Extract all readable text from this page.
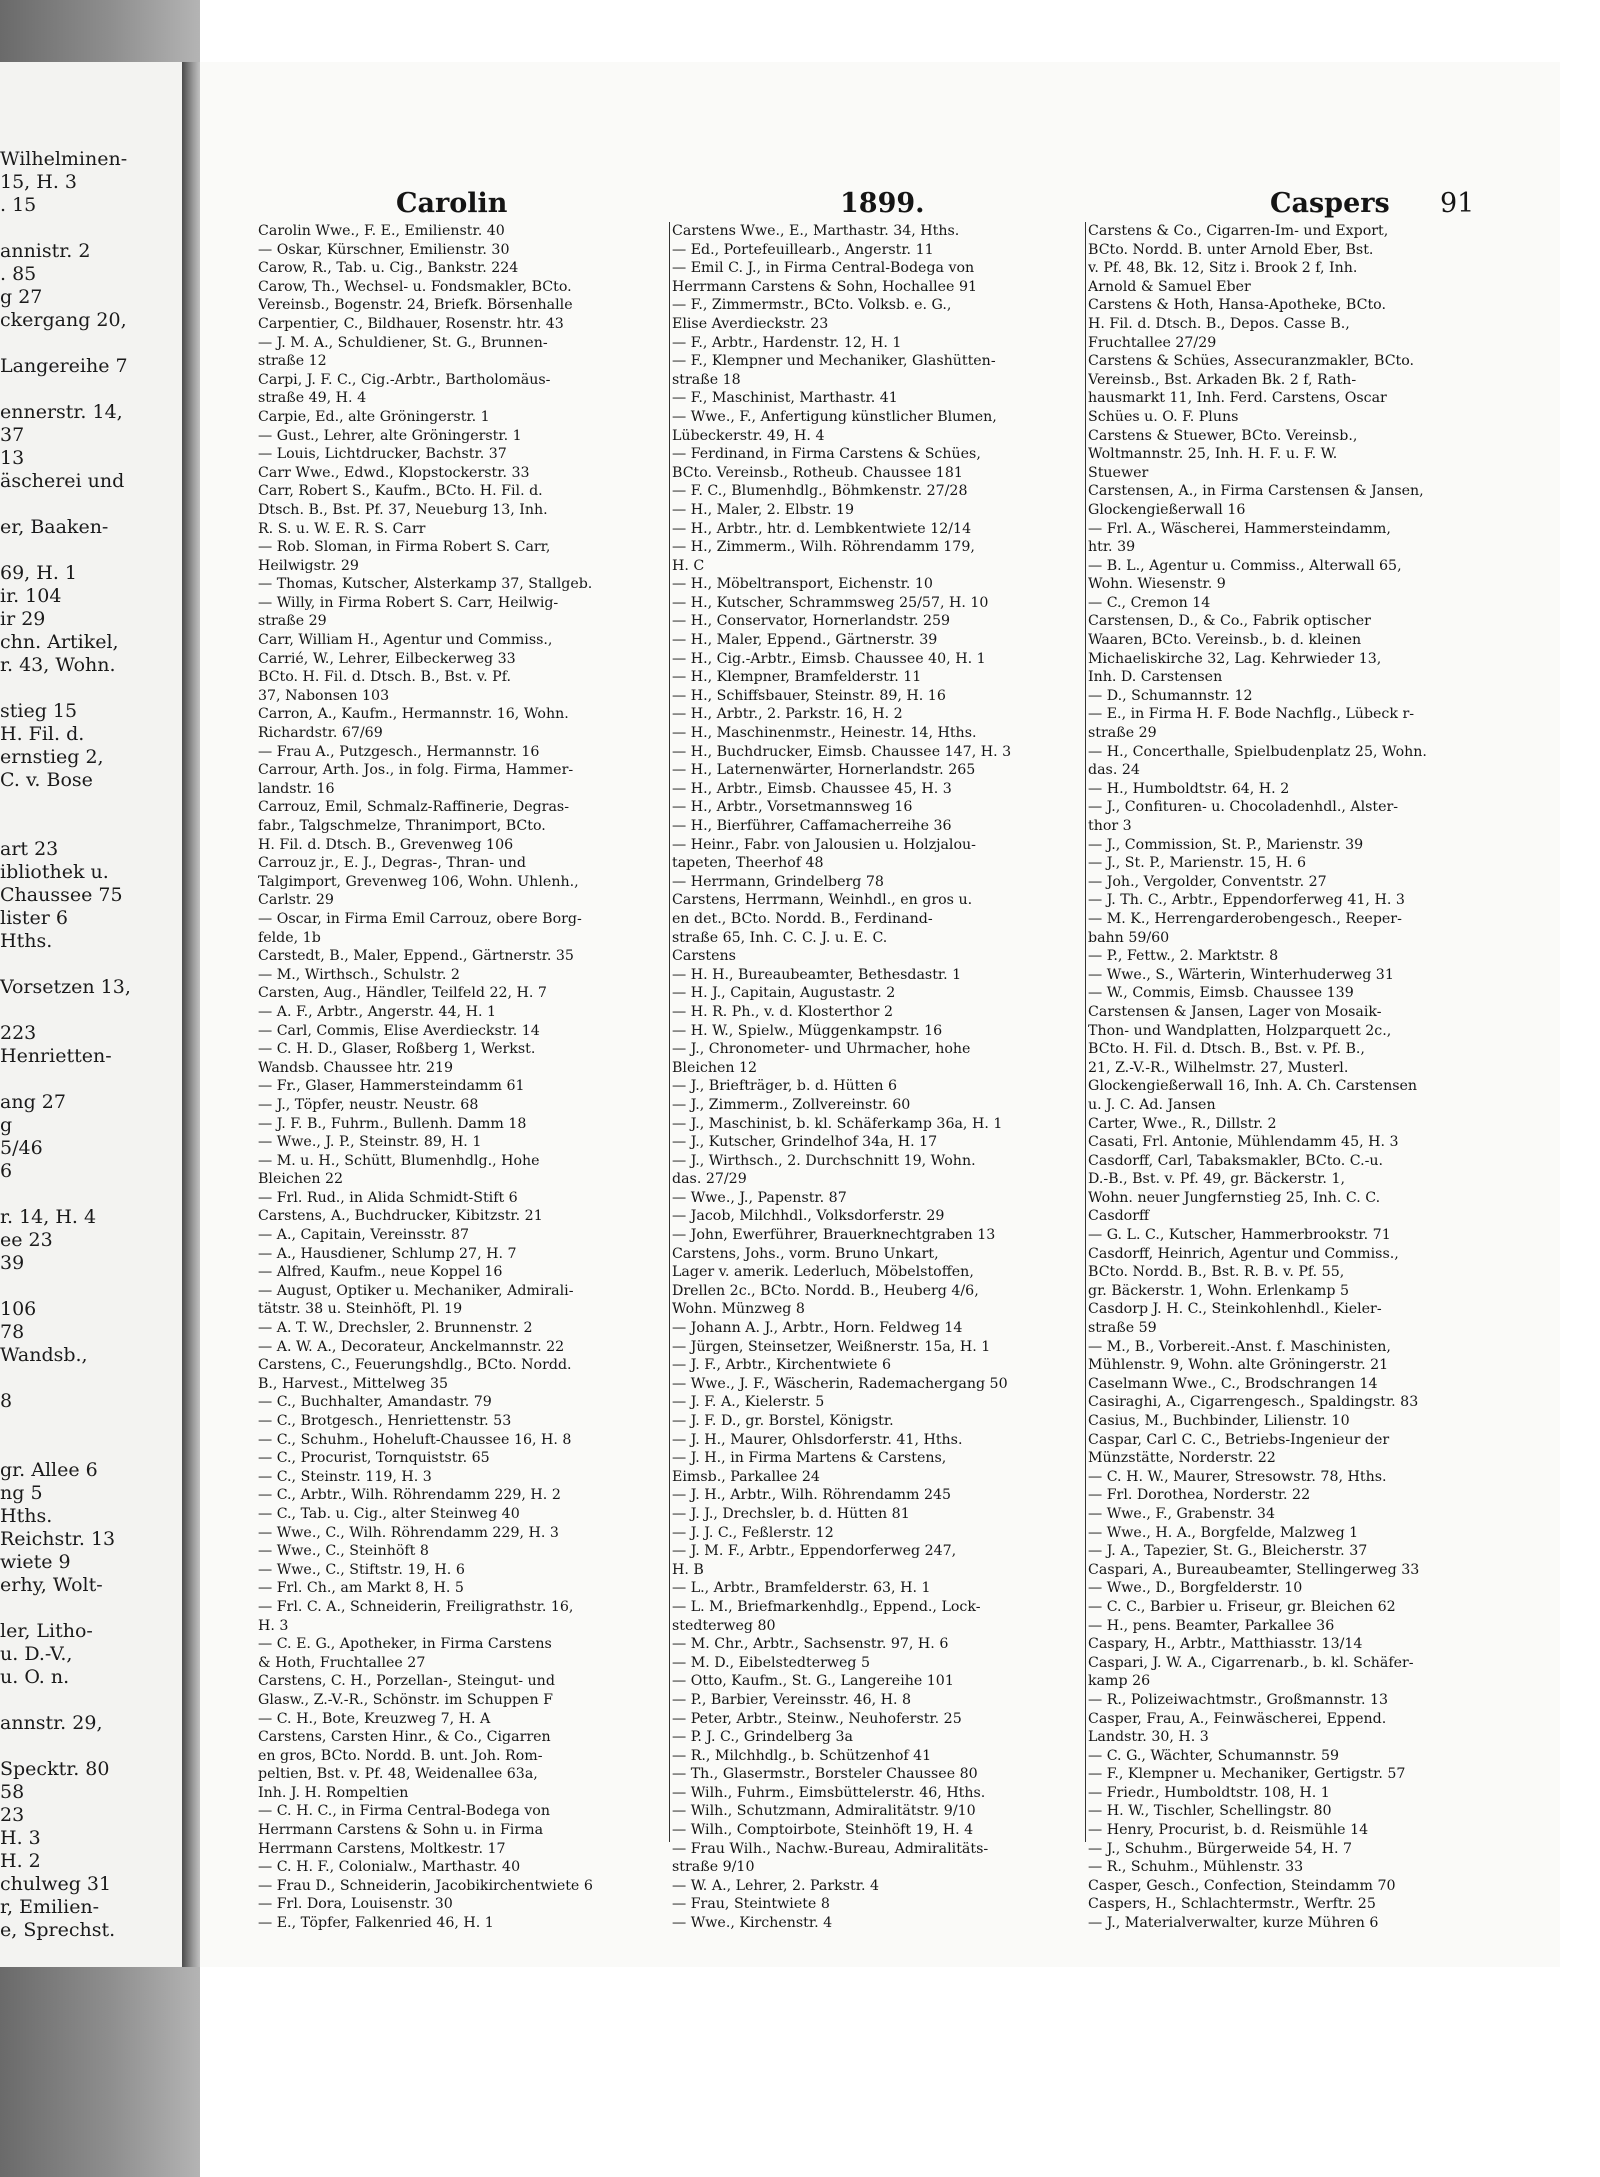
Wilhelminen-
15, H. 3
. 15
annistr. 2
. 85
g 27
ckergang 20,
Langereihe 7
ennerstr. 14,
37
13
äscherei und
er, Baaken-
69, H. 1
ir. 104
ir 29
chn. Artikel,
r. 43, Wohn.
stieg 15
H. Fil. d.
ernstieg 2,
C. v. Bose
art 23
ibliothek u.
Chaussee 75
lister 6
Hths.
Vorsetzen 13,
223
Henrietten-
ang 27
g
5/46
6
r. 14, H. 4
ee 23
39
106
78
Wandsb.,
8
gr. Allee 6
ng 5
Hths.
Reichstr. 13
wiete 9
erhy, Wolt-
ler, Litho-
u. D.-V.,
u. O. n.
annstr. 29,
Specktr. 80
58
23
H. 3
H. 2
chulweg 31
r, Emilien-
e, Sprechst.
Carolin	1899.	Caspers 91
Carolin Wwe., F. E., Emilienstr. 40
— Oskar, Kürschner, Emilienstr. 30
Carow, R., Tab. u. Cig., Bankstr. 224
Carow, Th., Wechsel- u. Fondsmakler, BCto.
Vereinsb., Bogenstr. 24, Briefk. Börsenhalle
Carpentier, C., Bildhauer, Rosenstr. htr. 43
— J. M. A., Schuldiener, St. G., Brunnen-
straße 12
Carpi, J. F. C., Cig.-Arbtr., Bartholomäus-
straße 49, H. 4
Carpie, Ed., alte Gröningerstr. 1
— Gust., Lehrer, alte Gröningerstr. 1
— Louis, Lichtdrucker, Bachstr. 37
Carr Wwe., Edwd., Klopstockerstr. 33
Carr, Robert S., Kaufm., BCto. H. Fil. d.
Dtsch. B., Bst. Pf. 37, Neueburg 13, Inh.
R. S. u. W. E. R. S. Carr
— Rob. Sloman, in Firma Robert S. Carr,
Heilwigstr. 29
— Thomas, Kutscher, Alsterkamp 37, Stallgeb.
— Willy, in Firma Robert S. Carr, Heilwig-
straße 29
Carr, William H., Agentur und Commiss.,
Carrié, W., Lehrer, Eilbeckerweg 33
BCto. H. Fil. d. Dtsch. B., Bst. v. Pf.
37, Nabonsen 103
Carron, A., Kaufm., Hermannstr. 16, Wohn.
Richardstr. 67/69
— Frau A., Putzgesch., Hermannstr. 16
Carrour, Arth. Jos., in folg. Firma, Hammer-
landstr. 16
Carrouz, Emil, Schmalz-Raffinerie, Degras-
fabr., Talgschmelze, Thranimport, BCto.
H. Fil. d. Dtsch. B., Grevenweg 106
Carrouz jr., E. J., Degras-, Thran- und
Talgimport, Grevenweg 106, Wohn. Uhlenh.,
Carlstr. 29
— Oscar, in Firma Emil Carrouz, obere Borg-
felde, 1b
Carstedt, B., Maler, Eppend., Gärtnerstr. 35
— M., Wirthsch., Schulstr. 2
Carsten, Aug., Händler, Teilfeld 22, H. 7
— A. F., Arbtr., Angerstr. 44, H. 1
— Carl, Commis, Elise Averdieckstr. 14
— C. H. D., Glaser, Roßberg 1, Werkst.
Wandsb. Chaussee htr. 219
— Fr., Glaser, Hammersteindamm 61
— J., Töpfer, neustr. Neustr. 68
— J. F. B., Fuhrm., Bullenh. Damm 18
— Wwe., J. P., Steinstr. 89, H. 1
— M. u. H., Schütt, Blumenhdlg., Hohe
Bleichen 22
— Frl. Rud., in Alida Schmidt-Stift 6
Carstens, A., Buchdrucker, Kibitzstr. 21
— A., Capitain, Vereinsstr. 87
— A., Hausdiener, Schlump 27, H. 7
— Alfred, Kaufm., neue Koppel 16
— August, Optiker u. Mechaniker, Admirali-
tätstr. 38 u. Steinhöft, Pl. 19
— A. T. W., Drechsler, 2. Brunnenstr. 2
— A. W. A., Decorateur, Anckelmannstr. 22
Carstens, C., Feuerungshdlg., BCto. Nordd.
B., Harvest., Mittelweg 35
— C., Buchhalter, Amandastr. 79
— C., Brotgesch., Henriettenstr. 53
— C., Schuhm., Hoheluft-Chaussee 16, H. 8
— C., Procurist, Tornquiststr. 65
— C., Steinstr. 119, H. 3
— C., Arbtr., Wilh. Röhrendamm 229, H. 2
— C., Tab. u. Cig., alter Steinweg 40
— Wwe., C., Wilh. Röhrendamm 229, H. 3
— Wwe., C., Steinhöft 8
— Wwe., C., Stiftstr. 19, H. 6
— Frl. Ch., am Markt 8, H. 5
— Frl. C. A., Schneiderin, Freiligrathstr. 16,
H. 3
— C. E. G., Apotheker, in Firma Carstens
& Hoth, Fruchtallee 27
Carstens, C. H., Porzellan-, Steingut- und
Glasw., Z.-V.-R., Schönstr. im Schuppen F
— C. H., Bote, Kreuzweg 7, H. A
Carstens, Carsten Hinr., & Co., Cigarren
en gros, BCto. Nordd. B. unt. Joh. Rom-
peltien, Bst. v. Pf. 48, Weidenallee 63a,
Inh. J. H. Rompeltien
— C. H. C., in Firma Central-Bodega von
Herrmann Carstens & Sohn u. in Firma
Herrmann Carstens, Moltkestr. 17
— C. H. F., Colonialw., Marthastr. 40
— Frau D., Schneiderin, Jacobikirchentwiete 6
— Frl. Dora, Louisenstr. 30
— E., Töpfer, Falkenried 46, H. 1
Carstens Wwe., E., Marthastr. 34, Hths.
— Ed., Portefeuillearb., Angerstr. 11
— Emil C. J., in Firma Central-Bodega von
Herrmann Carstens & Sohn, Hochallee 91
— F., Zimmermstr., BCto. Volksb. e. G.,
Elise Averdieckstr. 23
— F., Arbtr., Hardenstr. 12, H. 1
— F., Klempner und Mechaniker, Glashütten-
straße 18
— F., Maschinist, Marthastr. 41
— Wwe., F., Anfertigung künstlicher Blumen,
Lübeckerstr. 49, H. 4
— Ferdinand, in Firma Carstens & Schües,
BCto. Vereinsb., Rotheub. Chaussee 181
— F. C., Blumenhdlg., Böhmkenstr. 27/28
— H., Maler, 2. Elbstr. 19
— H., Arbtr., htr. d. Lembkentwiete 12/14
— H., Zimmerm., Wilh. Röhrendamm 179,
H. C
— H., Möbeltransport, Eichenstr. 10
— H., Kutscher, Schrammsweg 25/57, H. 10
— H., Conservator, Hornerlandstr. 259
— H., Maler, Eppend., Gärtnerstr. 39
— H., Cig.-Arbtr., Eimsb. Chaussee 40, H. 1
— H., Klempner, Bramfelderstr. 11
— H., Schiffsbauer, Steinstr. 89, H. 16
— H., Arbtr., 2. Parkstr. 16, H. 2
— H., Maschinenmstr., Heinestr. 14, Hths.
— H., Buchdrucker, Eimsb. Chaussee 147, H. 3
— H., Laternenwärter, Hornerlandstr. 265
— H., Arbtr., Eimsb. Chaussee 45, H. 3
— H., Arbtr., Vorsetmannsweg 16
— H., Bierführer, Caffamacherreihe 36
— Heinr., Fabr. von Jalousien u. Holzjalou-
tapeten, Theerhof 48
— Herrmann, Grindelberg 78
Carstens, Herrmann, Weinhdl., en gros u.
en det., BCto. Nordd. B., Ferdinand-
straße 65, Inh. C. C. J. u. E. C.
Carstens
— H. H., Bureaubeamter, Bethesdastr. 1
— H. J., Capitain, Augustastr. 2
— H. R. Ph., v. d. Klosterthor 2
— H. W., Spielw., Müggenkampstr. 16
— J., Chronometer- und Uhrmacher, hohe
Bleichen 12
— J., Briefträger, b. d. Hütten 6
— J., Zimmerm., Zollvereinstr. 60
— J., Maschinist, b. kl. Schäferkamp 36a, H. 1
— J., Kutscher, Grindelhof 34a, H. 17
— J., Wirthsch., 2. Durchschnitt 19, Wohn.
das. 27/29
— Wwe., J., Papenstr. 87
— Jacob, Milchhdl., Volksdorferstr. 29
— John, Ewerführer, Brauerknechtgraben 13
Carstens, Johs., vorm. Bruno Unkart,
Lager v. amerik. Lederluch, Möbelstoffen,
Drellen 2c., BCto. Nordd. B., Heuberg 4/6,
Wohn. Münzweg 8
— Johann A. J., Arbtr., Horn. Feldweg 14
— Jürgen, Steinsetzer, Weißnerstr. 15a, H. 1
— J. F., Arbtr., Kirchentwiete 6
— Wwe., J. F., Wäscherin, Rademachergang 50
— J. F. A., Kielerstr. 5
— J. F. D., gr. Borstel, Königstr.
— J. H., Maurer, Ohlsdorferstr. 41, Hths.
— J. H., in Firma Martens & Carstens,
Eimsb., Parkallee 24
— J. H., Arbtr., Wilh. Röhrendamm 245
— J. J., Drechsler, b. d. Hütten 81
— J. J. C., Feßlerstr. 12
— J. M. F., Arbtr., Eppendorferweg 247,
H. B
— L., Arbtr., Bramfelderstr. 63, H. 1
— L. M., Briefmarkenhdlg., Eppend., Lock-
stedterweg 80
— M. Chr., Arbtr., Sachsenstr. 97, H. 6
— M. D., Eibelstedterweg 5
— Otto, Kaufm., St. G., Langereihe 101
— P., Barbier, Vereinsstr. 46, H. 8
— Peter, Arbtr., Steinw., Neuhoferstr. 25
— P. J. C., Grindelberg 3a
— R., Milchhdlg., b. Schützenhof 41
— Th., Glasermstr., Borsteler Chaussee 80
— Wilh., Fuhrm., Eimsbüttelerstr. 46, Hths.
— Wilh., Schutzmann, Admiralitätstr. 9/10
— Wilh., Comptoirbote, Steinhöft 19, H. 4
— Frau Wilh., Nachw.-Bureau, Admiralitäts-
straße 9/10
— W. A., Lehrer, 2. Parkstr. 4
— Frau, Steintwiete 8
— Wwe., Kirchenstr. 4
Carstens & Co., Cigarren-Im- und Export,
BCto. Nordd. B. unter Arnold Eber, Bst.
v. Pf. 48, Bk. 12, Sitz i. Brook 2 f, Inh.
Arnold & Samuel Eber
Carstens & Hoth, Hansa-Apotheke, BCto.
H. Fil. d. Dtsch. B., Depos. Casse B.,
Fruchtallee 27/29
Carstens & Schües, Assecuranzmakler, BCto.
Vereinsb., Bst. Arkaden Bk. 2 f, Rath-
hausmarkt 11, Inh. Ferd. Carstens, Oscar
Schües u. O. F. Pluns
Carstens & Stuewer, BCto. Vereinsb.,
Woltmannstr. 25, Inh. H. F. u. F. W.
Stuewer
Carstensen, A., in Firma Carstensen & Jansen,
Glockengießerwall 16
— Frl. A., Wäscherei, Hammersteindamm,
htr. 39
— B. L., Agentur u. Commiss., Alterwall 65,
Wohn. Wiesenstr. 9
— C., Cremon 14
Carstensen, D., & Co., Fabrik optischer
Waaren, BCto. Vereinsb., b. d. kleinen
Michaeliskirche 32, Lag. Kehrwieder 13,
Inh. D. Carstensen
— D., Schumannstr. 12
— E., in Firma H. F. Bode Nachflg., Lübeck r-
straße 29
— H., Concerthalle, Spielbudenplatz 25, Wohn.
das. 24
— H., Humboldtstr. 64, H. 2
— J., Confituren- u. Chocoladenhdl., Alster-
thor 3
— J., Commission, St. P., Marienstr. 39
— J., St. P., Marienstr. 15, H. 6
— Joh., Vergolder, Conventstr. 27
— J. Th. C., Arbtr., Eppendorferweg 41, H. 3
— M. K., Herrengarderobengesch., Reeper-
bahn 59/60
— P., Fettw., 2. Marktstr. 8
— Wwe., S., Wärterin, Winterhuderweg 31
— W., Commis, Eimsb. Chaussee 139
Carstensen & Jansen, Lager von Mosaik-
Thon- und Wandplatten, Holzparquett 2c.,
BCto. H. Fil. d. Dtsch. B., Bst. v. Pf. B.,
21, Z.-V.-R., Wilhelmstr. 27, Musterl.
Glockengießerwall 16, Inh. A. Ch. Carstensen
u. J. C. Ad. Jansen
Carter, Wwe., R., Dillstr. 2
Casati, Frl. Antonie, Mühlendamm 45, H. 3
Casdorff, Carl, Tabaksmakler, BCto. C.-u.
D.-B., Bst. v. Pf. 49, gr. Bäckerstr. 1,
Wohn. neuer Jungfernstieg 25, Inh. C. C.
Casdorff
— G. L. C., Kutscher, Hammerbrookstr. 71
Casdorff, Heinrich, Agentur und Commiss.,
BCto. Nordd. B., Bst. R. B. v. Pf. 55,
gr. Bäckerstr. 1, Wohn. Erlenkamp 5
Casdorp J. H. C., Steinkohlenhdl., Kieler-
straße 59
— M., B., Vorbereit.-Anst. f. Maschinisten,
Mühlenstr. 9, Wohn. alte Gröningerstr. 21
Caselmann Wwe., C., Brodschrangen 14
Casiraghi, A., Cigarrengesch., Spaldingstr. 83
Casius, M., Buchbinder, Lilienstr. 10
Caspar, Carl C. C., Betriebs-Ingenieur der
Münzstätte, Norderstr. 22
— C. H. W., Maurer, Stresowstr. 78, Hths.
— Frl. Dorothea, Norderstr. 22
— Wwe., F., Grabenstr. 34
— Wwe., H. A., Borgfelde, Malzweg 1
— J. A., Tapezier, St. G., Bleicherstr. 37
Caspari, A., Bureaubeamter, Stellingerweg 33
— Wwe., D., Borgfelderstr. 10
— C. C., Barbier u. Friseur, gr. Bleichen 62
— H., pens. Beamter, Parkallee 36
Caspary, H., Arbtr., Matthiasstr. 13/14
Caspari, J. W. A., Cigarrenarb., b. kl. Schäfer-
kamp 26
— R., Polizeiwachtmstr., Großmannstr. 13
Casper, Frau, A., Feinwäscherei, Eppend.
Landstr. 30, H. 3
— C. G., Wächter, Schumannstr. 59
— F., Klempner u. Mechaniker, Gertigstr. 57
— Friedr., Humboldtstr. 108, H. 1
— H. W., Tischler, Schellingstr. 80
— Henry, Procurist, b. d. Reismühle 14
— J., Schuhm., Bürgerweide 54, H. 7
— R., Schuhm., Mühlenstr. 33
Casper, Gesch., Confection, Steindamm 70
Caspers, H., Schlachtermstr., Werftr. 25
— J., Materialverwalter, kurze Mühren 6
